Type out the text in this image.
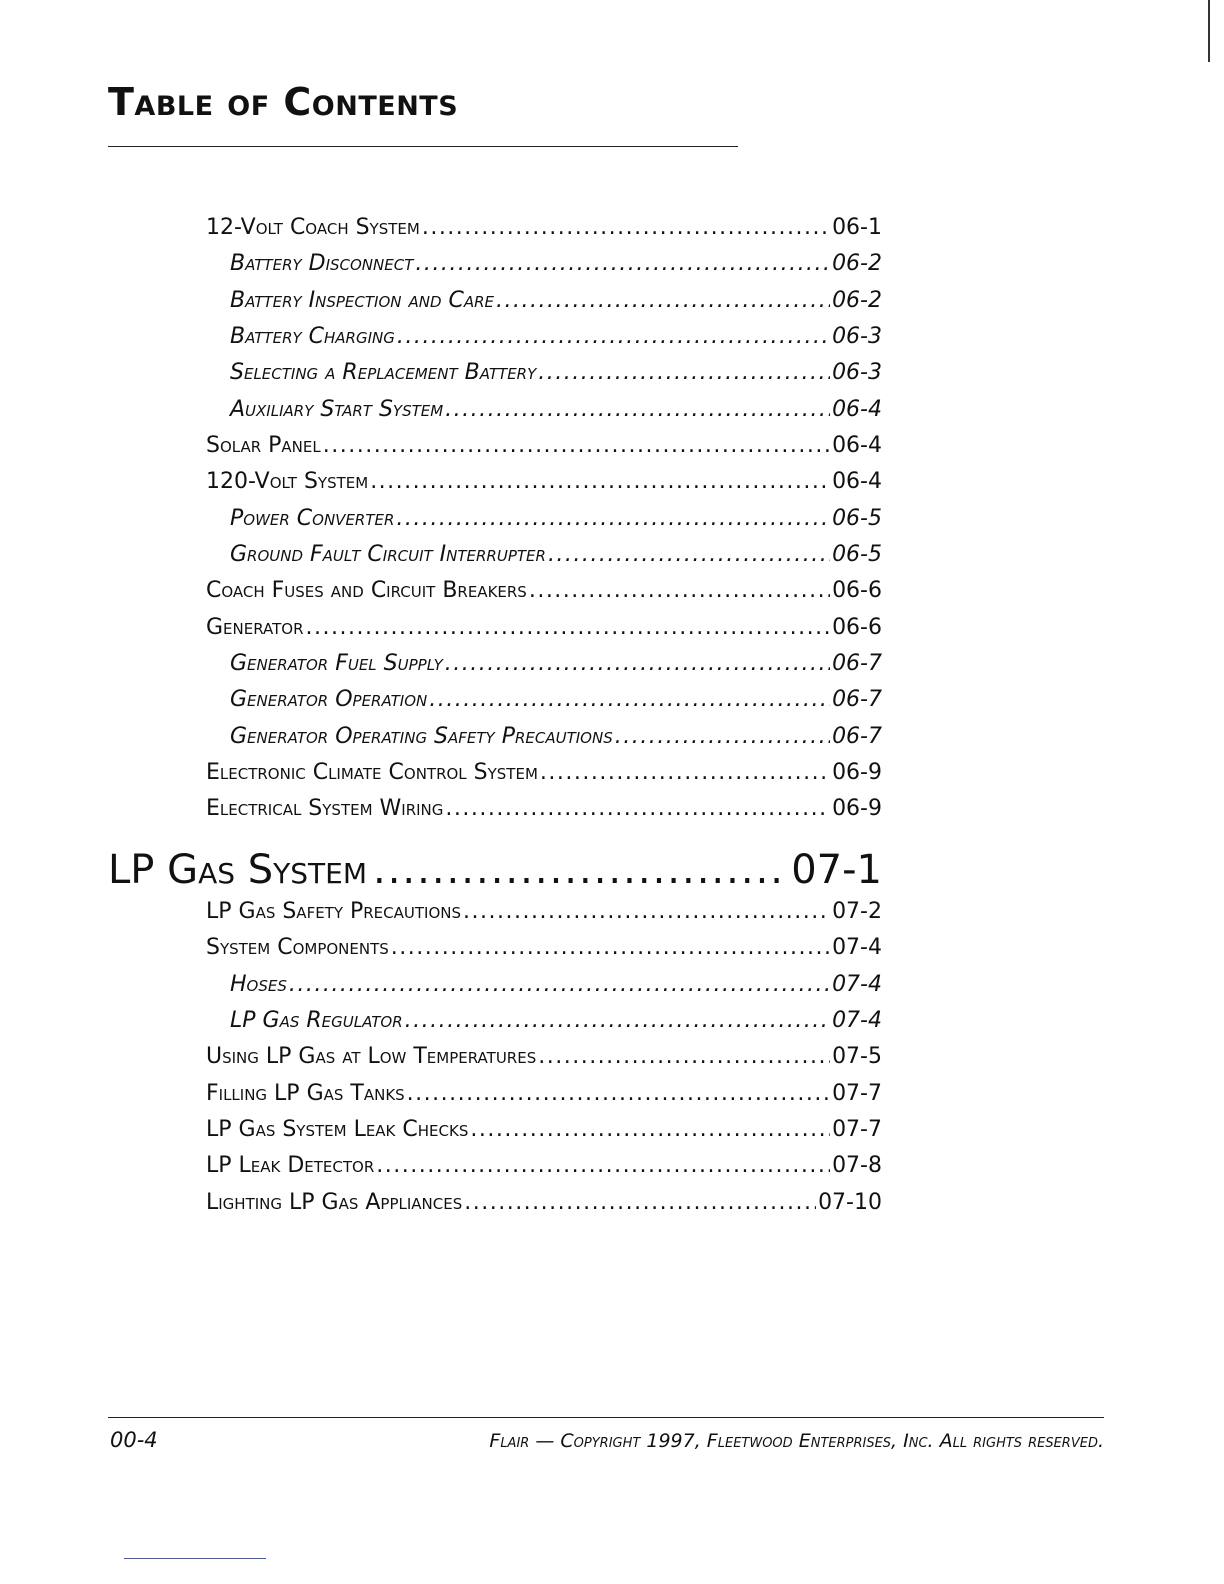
Table of Contents
12-Volt Coach System .....	06-1
Battery Disconnect .....	06-2
Battery Inspection and Care .....	06-2
Battery Charging .....	06-3
Selecting a Replacement Battery .....	06-3
Auxiliary Start System .....	06-4
Solar Panel .....	06-4
120-Volt System .....	06-4
Power Converter .....	06-5
Ground Fault Circuit Interrupter .....	06-5
Coach Fuses and Circuit Breakers .....	06-6
Generator .....	06-6
Generator Fuel Supply .....	06-7
Generator Operation .....	06-7
Generator Operating Safety Precautions .....	06-7
Electronic Climate Control System .....	06-9
Electrical System Wiring .....	06-9
LP Gas System .....	07-1
LP Gas Safety Precautions .....	07-2
System Components .....	07-4
Hoses .....	07-4
LP Gas Regulator .....	07-4
Using LP Gas at Low Temperatures .....	07-5
Filling LP Gas Tanks .....	07-7
LP Gas System Leak Checks .....	07-7
LP Leak Detector .....	07-8
Lighting LP Gas Appliances .....	07-10
00-4	Flair — Copyright 1997, Fleetwood Enterprises, Inc. All rights reserved.
